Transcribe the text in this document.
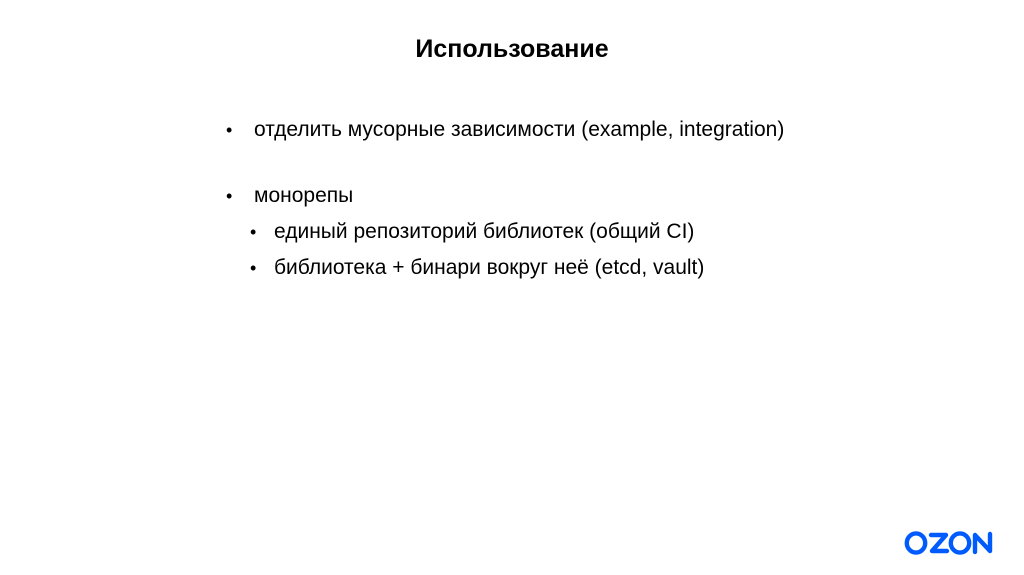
Использование
• отделить мусорные зависимости (example, integration)
• монорепы
• единый репозиторий библиотек (общий CI)
• библиотека + бинари вокруг неё (etcd, vault)
